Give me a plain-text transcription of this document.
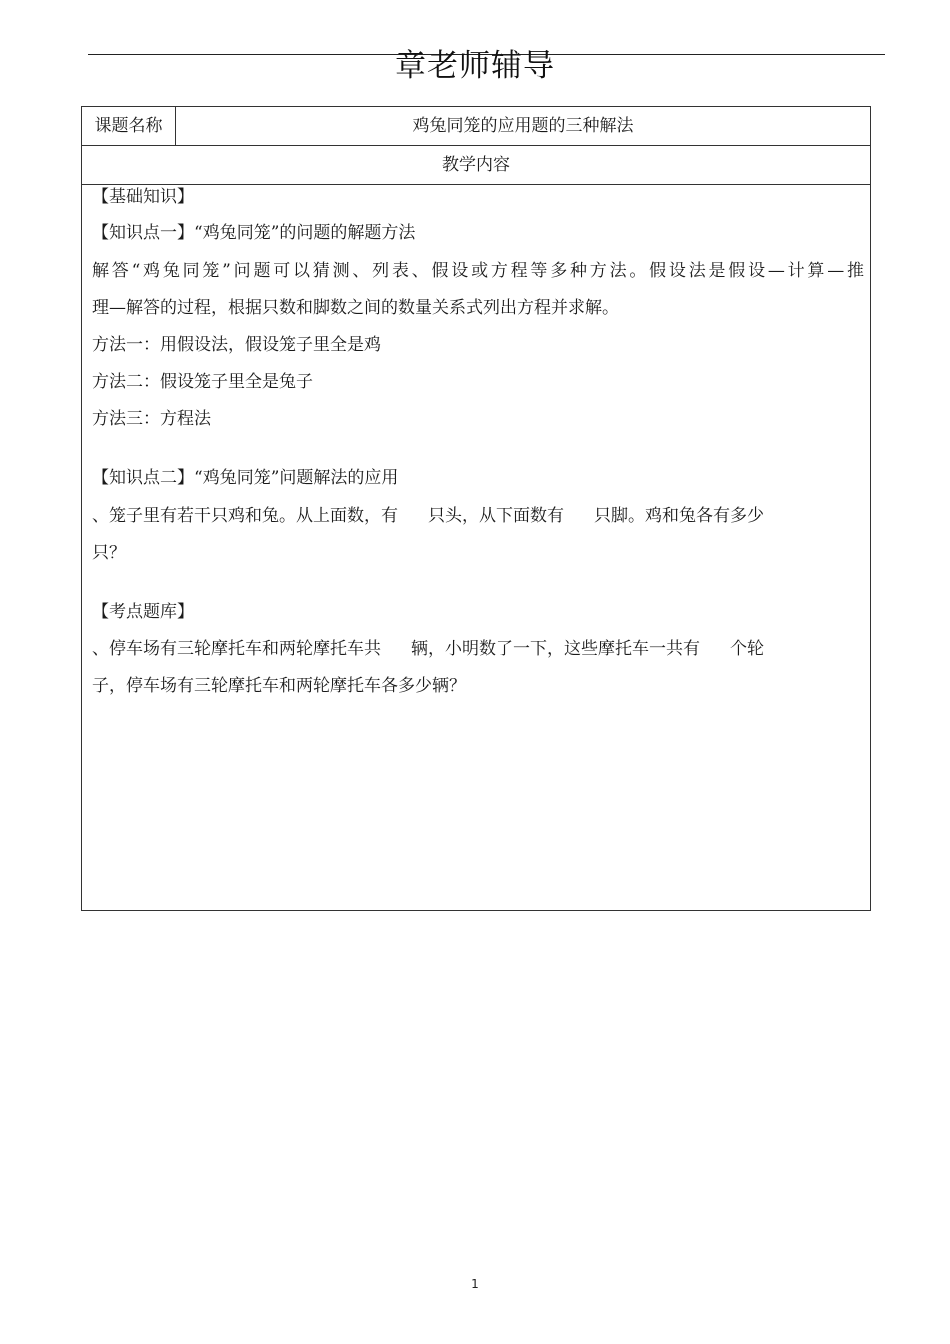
章老师辅导
课题名称	鸡兔同笼的应用题的三种解法
教学内容
【基础知识】
【知识点一】“鸡兔同笼”的问题的解题方法
解答“鸡兔同笼”问题可以猜测、列表、假设或方程等多种方法。假设法是假设—计算—推
理—解答的过程，根据只数和脚数之间的数量关系式列出方程并求解。
方法一：用假设法，假设笼子里全是鸡
方法二：假设笼子里全是兔子
方法三：方程法
【知识点二】“鸡兔同笼”问题解法的应用
、笼子里有若干只鸡和兔。从上面数，有 只头，从下面数有 只脚。鸡和兔各有多少
只？
【考点题库】
、停车场有三轮摩托车和两轮摩托车共 辆，小明数了一下，这些摩托车一共有 个轮
子，停车场有三轮摩托车和两轮摩托车各多少辆？
1
